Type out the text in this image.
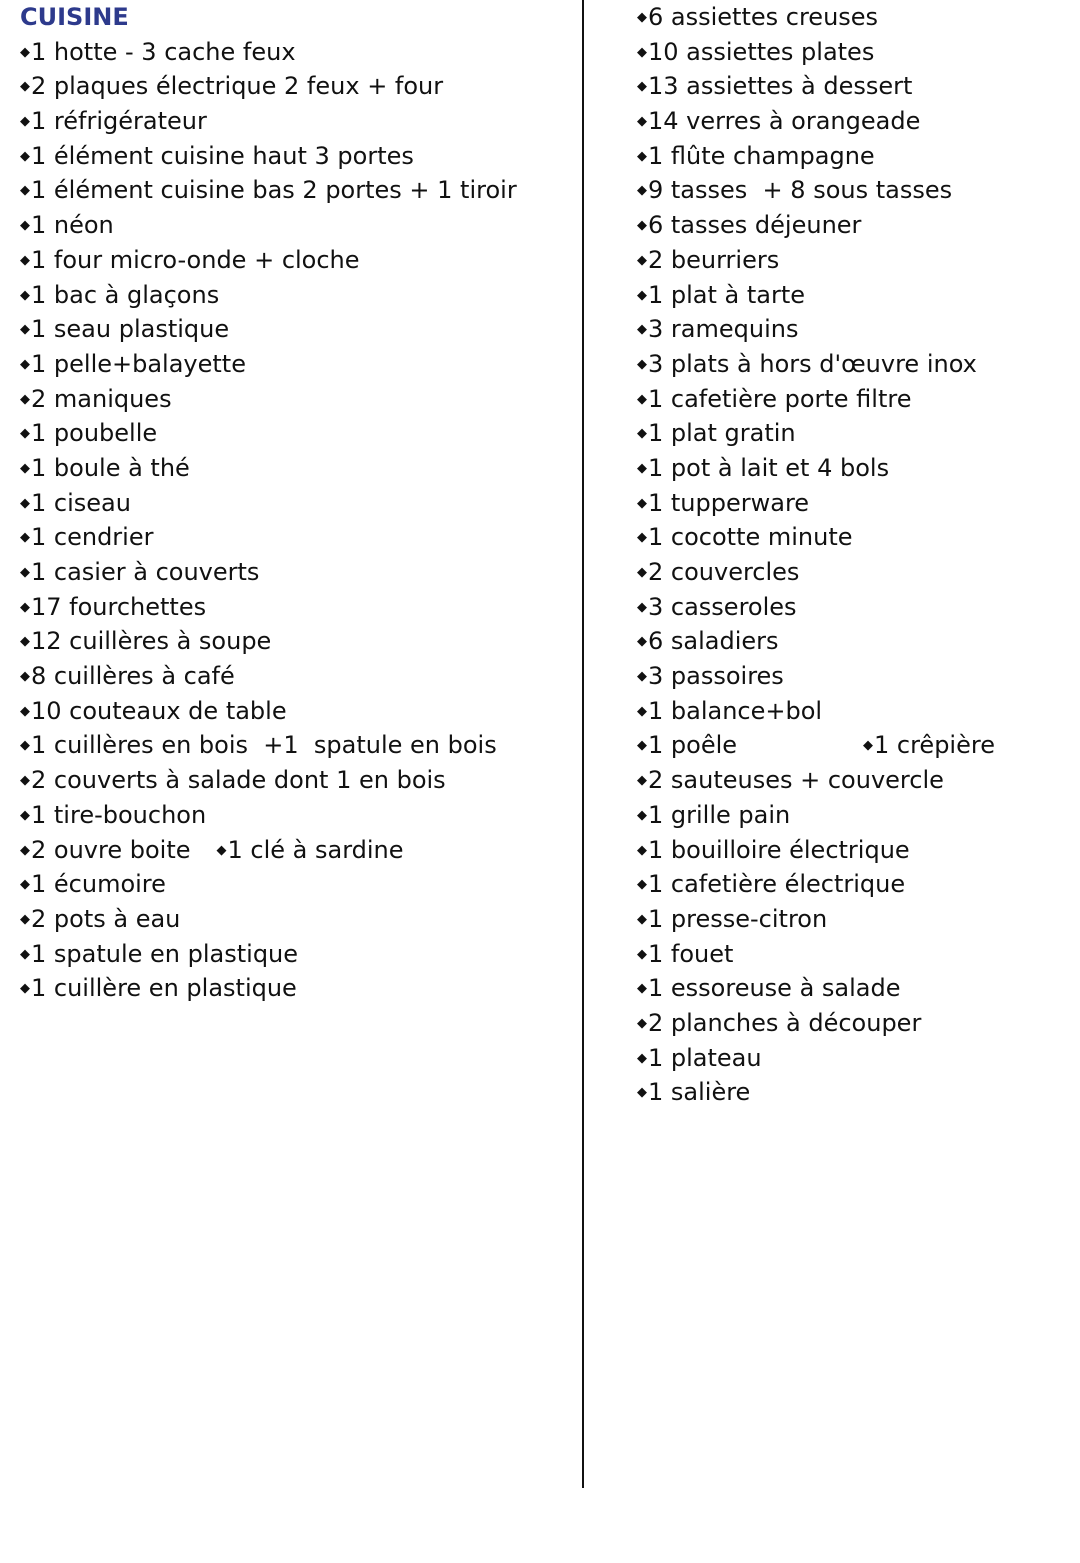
CUISINE
◆1 hotte - 3 cache feux
◆2 plaques électrique 2 feux + four
◆1 réfrigérateur
◆1 élément cuisine haut 3 portes
◆1 élément cuisine bas 2 portes + 1 tiroir
◆1 néon
◆1 four micro-onde + cloche
◆1 bac à glaçons
◆1 seau plastique
◆1 pelle+balayette
◆2 maniques
◆1 poubelle
◆1 boule à thé
◆1 ciseau
◆1 cendrier
◆1 casier à couverts
◆17 fourchettes
◆12 cuillères à soupe
◆8 cuillères à café
◆10 couteaux de table
◆1 cuillères en bois  +1  spatule en bois
◆2 couverts à salade dont 1 en bois
◆1 tire-bouchon
◆2 ouvre boite ◆1 clé à sardine
◆1 écumoire
◆2 pots à eau
◆1 spatule en plastique
◆1 cuillère en plastique
◆6 assiettes creuses
◆10 assiettes plates
◆13 assiettes à dessert
◆14 verres à orangeade
◆1 flûte champagne
◆9 tasses  + 8 sous tasses
◆6 tasses déjeuner
◆2 beurriers
◆1 plat à tarte
◆3 ramequins
◆3 plats à hors d'œuvre inox
◆1 cafetière porte filtre
◆1 plat gratin
◆1 pot à lait et 4 bols
◆1 tupperware
◆1 cocotte minute
◆2 couvercles
◆3 casseroles
◆6 saladiers
◆3 passoires
◆1 balance+bol
◆1 poêle	◆1 crêpière
◆2 sauteuses + couvercle
◆1 grille pain
◆1 bouilloire électrique
◆1 cafetière électrique
◆1 presse-citron
◆1 fouet
◆1 essoreuse à salade
◆2 planches à découper
◆1 plateau
◆1 salière
